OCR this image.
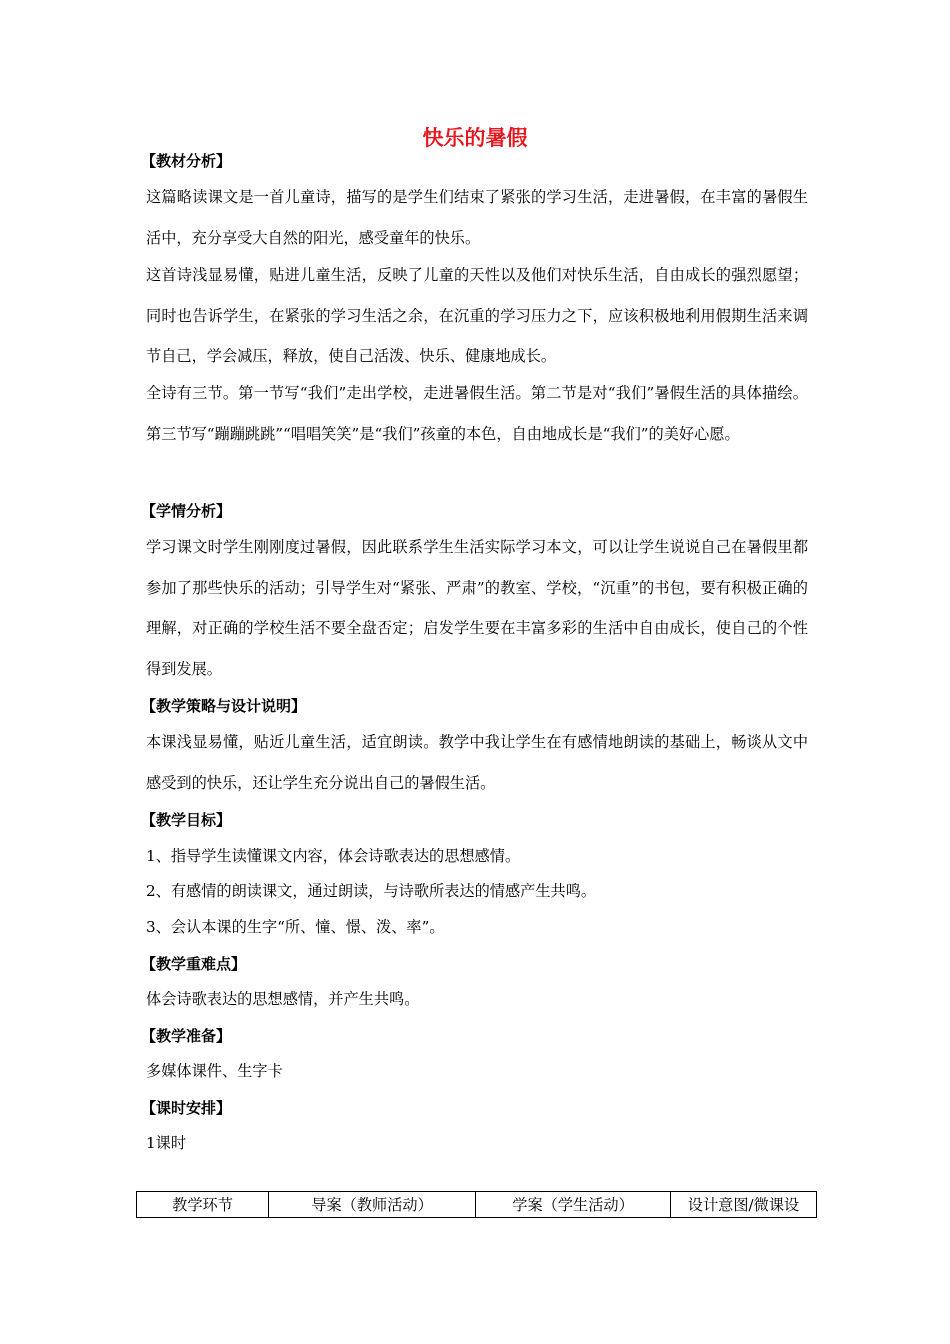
快乐的暑假
【教材分析】

这篇略读课文是一首儿童诗，描写的是学生们结束了紧张的学习生活，走进暑假，在丰富的暑假生活中，充分享受大自然的阳光，感受童年的快乐。

这首诗浅显易懂，贴进儿童生活，反映了儿童的天性以及他们对快乐生活，自由成长的强烈愿望；同时也告诉学生，在紧张的学习生活之余，在沉重的学习压力之下，应该积极地利用假期生活来调节自己，学会减压，释放，使自己活泼、快乐、健康地成长。

全诗有三节。第一节写“我们”走出学校，走进暑假生活。第二节是对“我们”暑假生活的具体描绘。第三节写“蹦蹦跳跳”“唱唱笑笑”是“我们”孩童的本色，自由地成长是“我们”的美好心愿。

【学情分析】

学习课文时学生刚刚度过暑假，因此联系学生生活实际学习本文，可以让学生说说自己在暑假里都参加了那些快乐的活动；引导学生对“紧张、严肃”的教室、学校，“沉重”的书包，要有积极正确的理解，对正确的学校生活不要全盘否定；启发学生要在丰富多彩的生活中自由成长，使自己的个性得到发展。

【教学策略与设计说明】

本课浅显易懂，贴近儿童生活，适宜朗读。教学中我让学生在有感情地朗读的基础上，畅谈从文中感受到的快乐，还让学生充分说出自己的暑假生活。

【教学目标】
1、指导学生读懂课文内容，体会诗歌表达的思想感情。
2、有感情的朗读课文，通过朗读，与诗歌所表达的情感产生共鸣。
3、会认本课的生字“所、憧、憬、泼、率”。
【教学重难点】
体会诗歌表达的思想感情，并产生共鸣。
【教学准备】
多媒体课件、生字卡
【课时安排】
1课时
教学环节	导案（教师活动）	学案（学生活动）	设计意图/微课设
